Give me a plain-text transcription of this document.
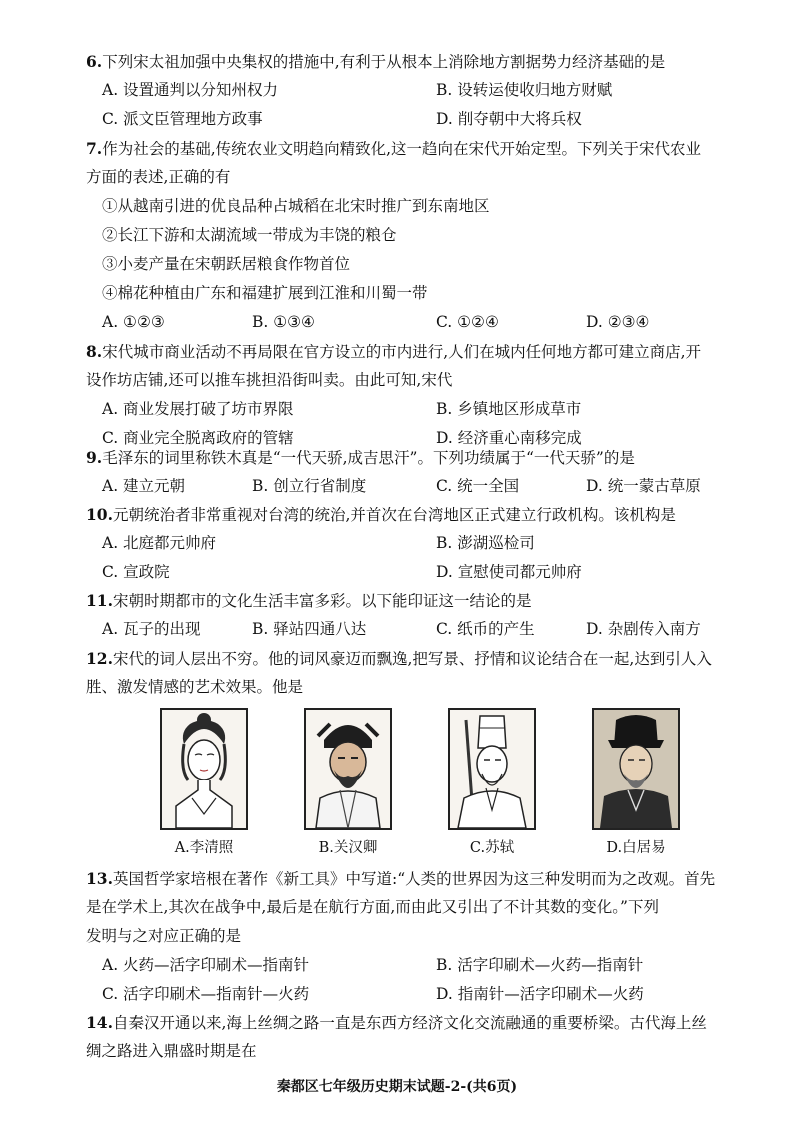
6.下列宋太祖加强中央集权的措施中,有利于从根本上消除地方割据势力经济基础的是
A. 设置通判以分知州权力	B. 设转运使收归地方财赋
C. 派文臣管理地方政事	D. 削夺朝中大将兵权
7.作为社会的基础,传统农业文明趋向精致化,这一趋向在宋代开始定型。下列关于宋代农业
方面的表述,正确的有
①从越南引进的优良品种占城稻在北宋时推广到东南地区
②长江下游和太湖流域一带成为丰饶的粮仓
③小麦产量在宋朝跃居粮食作物首位
④棉花种植由广东和福建扩展到江淮和川蜀一带
A. ①②③	B. ①③④	C. ①②④	D. ②③④
8.宋代城市商业活动不再局限在官方设立的市内进行,人们在城内任何地方都可建立商店,开
设作坊店铺,还可以推车挑担沿街叫卖。由此可知,宋代
A. 商业发展打破了坊市界限	B. 乡镇地区形成草市
C. 商业完全脱离政府的管辖	D. 经济重心南移完成
9.毛泽东的词里称铁木真是“一代天骄,成吉思汗”。下列功绩属于“一代天骄”的是
A. 建立元朝	B. 创立行省制度	C. 统一全国	D. 统一蒙古草原
10.元朝统治者非常重视对台湾的统治,并首次在台湾地区正式建立行政机构。该机构是
A. 北庭都元帅府	B. 澎湖巡检司
C. 宣政院	D. 宣慰使司都元帅府
11.宋朝时期都市的文化生活丰富多彩。以下能印证这一结论的是
A. 瓦子的出现	B. 驿站四通八达	C. 纸币的产生	D. 杂剧传入南方
12.宋代的词人层出不穷。他的词风豪迈而飘逸,把写景、抒情和议论结合在一起,达到引人入
胜、激发情感的艺术效果。他是
A.李清照	B.关汉卿	C.苏轼	D.白居易
13.英国哲学家培根在著作《新工具》中写道:“人类的世界因为这三种发明而为之改观。首先
是在学术上,其次在战争中,最后是在航行方面,而由此又引出了不计其数的变化。”下列
发明与之对应正确的是
A. 火药—活字印刷术—指南针	B. 活字印刷术—火药—指南针
C. 活字印刷术—指南针—火药	D. 指南针—活字印刷术—火药
14.自秦汉开通以来,海上丝绸之路一直是东西方经济文化交流融通的重要桥梁。古代海上丝
绸之路进入鼎盛时期是在
秦都区七年级历史期末试题-2-(共6页)
